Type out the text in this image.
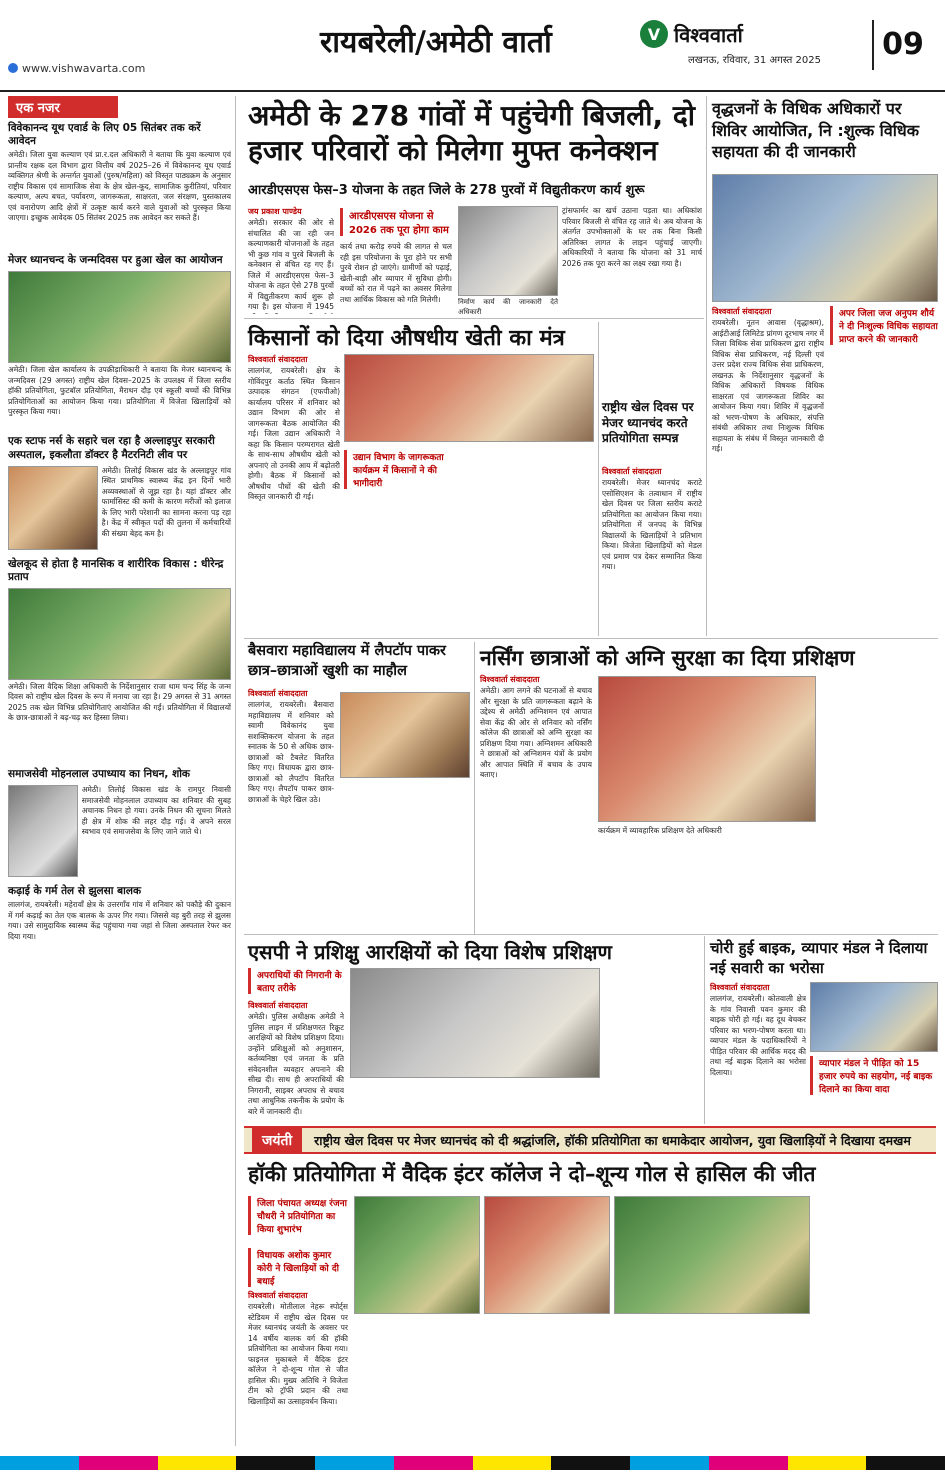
रायबरेली/अमेठी वार्ता
www.vishwavarta.com
V विश्ववार्ता
लखनऊ, रविवार, 31 अगस्त 2025	09
एक नजर
विवेकानन्द यूथ एवार्ड के लिए 05 सितंबर तक करें आवेदन
अमेठी। जिला युवा कल्याण एवं प्रा.र.दल अधिकारी ने बताया कि युवा कल्याण एवं प्रान्तीय रक्षक दल विभाग द्वारा वित्तीय वर्ष 2025–26 में विवेकानन्द यूथ एवार्ड व्यक्तिगत श्रेणी के अन्तर्गत युवाओं (पुरुष/महिला) को विस्तृत पाठ्यक्रम के अनुसार राष्ट्रीय विकास एवं सामाजिक सेवा के क्षेत्र खेल-कूद, सामाजिक कुरीतियां, परिवार कल्याण, अल्प बचत, पर्यावरण, जागरूकता, साक्षरता, जल संरक्षण, पुस्तकालय एवं वनारोपण आदि क्षेत्रों में उत्कृष्ट कार्य करने वाले युवाओं को पुरस्कृत किया जाएगा। इच्छुक आवेदक 05 सितंबर 2025 तक आवेदन कर सकते हैं।
मेजर ध्यानचन्द के जन्मदिवस पर हुआ खेल का आयोजन
अमेठी। जिला खेल कार्यालय के उपक्रीड़ाधिकारी ने बताया कि मेजर ध्यानचन्द के जन्मदिवस (29 अगस्त) राष्ट्रीय खेल दिवस–2025 के उपलक्ष्य में जिला स्तरीय हॉकी प्रतियोगिता, फुटबॉल प्रतियोगिता, मैराथन दौड़ एवं स्कूली बच्चों की विभिन्न प्रतियोगिताओं का आयोजन किया गया। प्रतियोगिता में विजेता खिलाड़ियों को पुरस्कृत किया गया।
एक स्टाफ नर्स के सहारे चल रहा है अल्लाइपुर सरकारी अस्पताल, इकलौता डॉक्टर है मैटरनिटी लीव पर
अमेठी। तिलोई विकास खंड के अल्लाइपुर गांव स्थित प्राथमिक स्वास्थ्य केंद्र इन दिनों भारी अव्यवस्थाओं से जूझ रहा है। यहां डॉक्टर और फार्मासिस्ट की कमी के कारण मरीजों को इलाज के लिए भारी परेशानी का सामना करना पड़ रहा है। केंद्र में स्वीकृत पदों की तुलना में कर्मचारियों की संख्या बेहद कम है।
खेलकूद से होता है मानसिक व शारीरिक विकास : धीरेन्द्र प्रताप
अमेठी। जिला वैदिक शिक्षा अधिकारी के निर्देशानुसार राजा थाम चन्द सिंह के जन्म दिवस को राष्ट्रीय खेल दिवस के रूप में मनाया जा रहा है। 29 अगस्त से 31 अगस्त 2025 तक खेल विभिन्न प्रतियोगिताएं आयोजित की गईं। प्रतियोगिता में विद्यालयों के छात्र-छात्राओं ने बढ़-चढ़ कर हिस्सा लिया।
समाजसेवी मोहनलाल उपाध्याय का निधन, शोक
अमेठी। तिलोई विकास खंड के रामपुर निवासी समाजसेवी मोहनलाल उपाध्याय का शनिवार की सुबह अचानक निधन हो गया। उनके निधन की सूचना मिलते ही क्षेत्र में शोक की लहर दौड़ गई। वे अपने सरल स्वभाव एवं समाजसेवा के लिए जाने जाते थे।
कढ़ाई के गर्म तेल से झुलसा बालक
लालगंज, रायबरेली। महेरावाँ क्षेत्र के उत्तरगाँव गांव में शनिवार को पकौड़े की दुकान में गर्म कढ़ाई का तेल एक बालक के ऊपर गिर गया। जिससे वह बुरी तरह से झुलस गया। उसे सामुदायिक स्वास्थ्य केंद्र पहुंचाया गया जहां से जिला अस्पताल रेफर कर दिया गया।
अमेठी के 278 गांवों में पहुंचेगी बिजली, दो हजार परिवारों को मिलेगा मुफ्त कनेक्शन
आरडीएसएस फेस–3 योजना के तहत जिले के 278 पुरवों में विद्युतीकरण कार्य शुरू
जय प्रकाश पाण्डेय
अमेठी। सरकार की ओर से संचालित की जा रही जन कल्याणकारी योजनाओं के तहत भी कुछ गांव व पुरवे बिजली के कनेक्शन से वंचित रह गए हैं। जिले में आरडीएसएस फेस–3 योजना के तहत ऐसे 278 पुरवों में विद्युतीकरण कार्य शुरू हो गया है। इस योजना में 1945
आरडीएसएस योजना से 2026 तक पूरा होगा काम
कार्य तथा करोड़ रुपये की लागत से चल रही इस परियोजना के पूरा होने पर सभी पुरवे रोशन हो जाएंगे। ग्रामीणों को पढ़ाई, खेती-बाड़ी और व्यापार में सुविधा होगी। बच्चों को रात में पढ़ने का अवसर मिलेगा तथा आर्थिक विकास को गति मिलेगी।	निर्माण कार्य की जानकारी देते अधिकारी
ट्रांसफार्मर का खर्च उठाना पड़ता था। अधिकांश परिवार बिजली से वंचित रह जाते थे। अब योजना के अंतर्गत उपभोक्ताओं के घर तक बिना किसी अतिरिक्त लागत के लाइन पहुंचाई जाएगी। अधिकारियों ने बताया कि योजना को 31 मार्च 2026 तक पूरा करने का लक्ष्य रखा गया है।
वृद्धजनों के विधिक अधिकारों पर शिविर आयोजित, नि :शुल्क विधिक सहायता की दी जानकारी
विश्ववार्ता संवाददाता
रायबरेली। नूतन आवास (वृद्धाश्रम), आईटीआई लिमिटेड प्रांगण दूरभाष नगर में जिला विधिक सेवा प्राधिकरण द्वारा राष्ट्रीय विधिक सेवा प्राधिकरण, नई दिल्ली एवं उत्तर प्रदेश राज्य विधिक सेवा प्राधिकरण, लखनऊ के निर्देशानुसार वृद्धजनों के विधिक अधिकारों विषयक विधिक साक्षरता एवं जागरूकता शिविर का आयोजन किया गया। शिविर में वृद्धजनों को भरण-पोषण के अधिकार, संपत्ति संबंधी अधिकार तथा निःशुल्क विधिक सहायता के संबंध में विस्तृत जानकारी दी गई।
अपर जिला जज अनुपम शौर्य ने दी निःशुल्क विधिक सहायता प्राप्त करने की जानकारी
किसानों को दिया औषधीय खेती का मंत्र
विश्ववार्ता संवाददाता
लालगंज, रायबरेली। क्षेत्र के गोविंदपुर कर्ताठ स्थित किसान उत्पादक संगठन (एफपीओ) कार्यालय परिसर में शनिवार को उद्यान विभाग की ओर से जागरूकता बैठक आयोजित की गई। जिला उद्यान अधिकारी ने कहा कि किसान परम्परागत खेती के साथ-साथ औषधीय खेती को अपनाएं तो उनकी आय में बढ़ोतरी होगी। बैठक में किसानों को औषधीय पौधों की खेती की विस्तृत जानकारी दी गई।
उद्यान विभाग के जागरूकता कार्यक्रम में किसानों ने की भागीदारी
राष्ट्रीय खेल दिवस पर मेजर ध्यानचंद करते प्रतियोगिता सम्पन्न
विश्ववार्ता संवाददाता
रायबरेली। मेजर ध्यानचंद कराटे एसोसिएशन के तत्वाधान में राष्ट्रीय खेल दिवस पर जिला स्तरीय कराटे प्रतियोगिता का आयोजन किया गया। प्रतियोगिता में जनपद के विभिन्न विद्यालयों के खिलाड़ियों ने प्रतिभाग किया। विजेता खिलाड़ियों को मेडल एवं प्रमाण पत्र देकर सम्मानित किया गया।
बैसवारा महाविद्यालय में लैपटॉप पाकर छात्र–छात्राओं खुशी का माहौल
विश्ववार्ता संवाददाता
लालगंज, रायबरेली। बैसवारा महाविद्यालय में शनिवार को स्वामी विवेकानंद युवा सशक्तिकरण योजना के तहत स्नातक के 50 से अधिक छात्र-छात्राओं को टैबलेट वितरित किए गए। विधायक द्वारा छात्र-छात्राओं को लैपटॉप वितरित किए गए। लैपटॉप पाकर छात्र-छात्राओं के चेहरे खिल उठे।
नर्सिंग छात्राओं को अग्नि सुरक्षा का दिया प्रशिक्षण
विश्ववार्ता संवाददाता
अमेठी। आग लगने की घटनाओं से बचाव और सुरक्षा के प्रति जागरूकता बढ़ाने के उद्देश्य से अमेठी अग्निशमन एवं आपात सेवा केंद्र की ओर से शनिवार को नर्सिंग कॉलेज की छात्राओं को अग्नि सुरक्षा का प्रशिक्षण दिया गया। अग्निशमन अधिकारी ने छात्राओं को अग्निशमन यंत्रों के प्रयोग और आपात स्थिति में बचाव के उपाय बताए।
कार्यक्रम में व्यावहारिक प्रशिक्षण देते अधिकारी
एसपी ने प्रशिक्षु आरक्षियों को दिया विशेष प्रशिक्षण
अपराधियों की निगरानी के बताए तरीके
विश्ववार्ता संवाददाता
अमेठी। पुलिस अधीक्षक अमेठी ने पुलिस लाइन में प्रशिक्षणरत रिक्रूट आरक्षियों को विशेष प्रशिक्षण दिया। उन्होंने प्रशिक्षुओं को अनुशासन, कर्तव्यनिष्ठा एवं जनता के प्रति संवेदनशील व्यवहार अपनाने की सीख दी। साथ ही अपराधियों की निगरानी, साइबर अपराध से बचाव तथा आधुनिक तकनीक के प्रयोग के बारे में जानकारी दी।
चोरी हुई बाइक, व्यापार मंडल ने दिलाया नई सवारी का भरोसा
विश्ववार्ता संवाददाता
लालगंज, रायबरेली। कोतवाली क्षेत्र के गांव निवासी पवन कुमार की बाइक चोरी हो गई। वह दूध बेचकर परिवार का भरण-पोषण करता था। व्यापार मंडल के पदाधिकारियों ने पीड़ित परिवार की आर्थिक मदद की तथा नई बाइक दिलाने का भरोसा दिलाया।
व्यापार मंडल ने पीड़ित को 15 हजार रुपये का सहयोग, नई बाइक दिलाने का किया वादा
जयंती	राष्ट्रीय खेल दिवस पर मेजर ध्यानचंद को दी श्रद्धांजलि, हॉकी प्रतियोगिता का धमाकेदार आयोजन, युवा खिलाड़ियों ने दिखाया दमखम
हॉकी प्रतियोगिता में वैदिक इंटर कॉलेज ने दो–शून्य गोल से हासिल की जीत
जिला पंचायत अध्यक्ष रंजना चौधरी ने प्रतियोगिता का किया शुभारंभ
विधायक अशोक कुमार कोरी ने खिलाड़ियों को दी बधाई
विश्ववार्ता संवाददाता
रायबरेली। मोतीलाल नेहरू स्पोर्ट्स स्टेडियम में राष्ट्रीय खेल दिवस पर मेजर ध्यानचंद जयंती के अवसर पर 14 वर्षीय बालक वर्ग की हॉकी प्रतियोगिता का आयोजन किया गया। फाइनल मुकाबले में वैदिक इंटर कॉलेज ने दो-शून्य गोल से जीत हासिल की। मुख्य अतिथि ने विजेता टीम को ट्रॉफी प्रदान की तथा खिलाड़ियों का उत्साहवर्धन किया।
